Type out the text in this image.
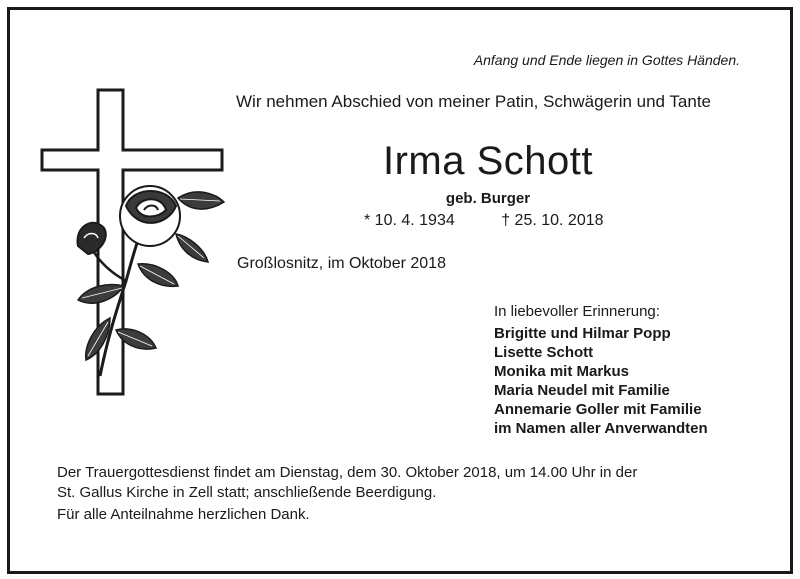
Anfang und Ende liegen in Gottes Händen.
Wir nehmen Abschied von meiner Patin, Schwägerin und Tante
Irma Schott
geb. Burger
* 10. 4. 1934	† 25. 10. 2018
Großlosnitz, im Oktober 2018
In liebevoller Erinnerung:
Brigitte und Hilmar Popp
Lisette Schott
Monika mit Markus
Maria Neudel mit Familie
Annemarie Goller mit Familie
im Namen aller Anverwandten
Der Trauergottesdienst findet am Dienstag, dem 30. Oktober 2018, um 14.00 Uhr in der
St. Gallus Kirche in Zell statt; anschließende Beerdigung.
Für alle Anteilnahme herzlichen Dank.
